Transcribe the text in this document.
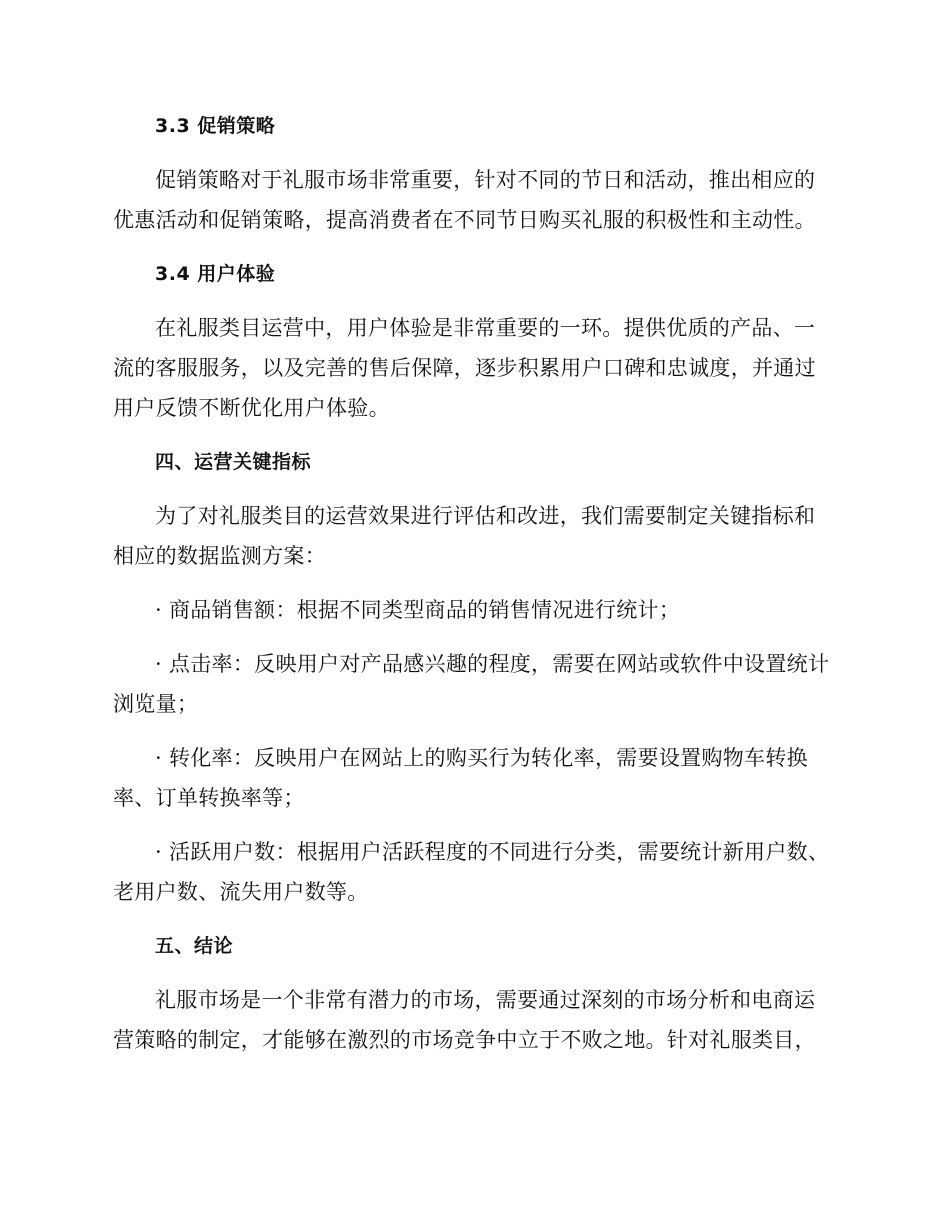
3.3 促销策略

促销策略对于礼服市场非常重要，针对不同的节日和活动，推出相应的优惠活动和促销策略，提高消费者在不同节日购买礼服的积极性和主动性。

3.4 用户体验

在礼服类目运营中，用户体验是非常重要的一环。提供优质的产品、一流的客服服务，以及完善的售后保障，逐步积累用户口碑和忠诚度，并通过用户反馈不断优化用户体验。

四、运营关键指标

为了对礼服类目的运营效果进行评估和改进，我们需要制定关键指标和相应的数据监测方案：

· 商品销售额：根据不同类型商品的销售情况进行统计；

· 点击率：反映用户对产品感兴趣的程度，需要在网站或软件中设置统计浏览量；

· 转化率：反映用户在网站上的购买行为转化率，需要设置购物车转换率、订单转换率等；

· 活跃用户数：根据用户活跃程度的不同进行分类，需要统计新用户数、老用户数、流失用户数等。

五、结论

礼服市场是一个非常有潜力的市场，需要通过深刻的市场分析和电商运营策略的制定，才能够在激烈的市场竞争中立于不败之地。针对礼服类目，
